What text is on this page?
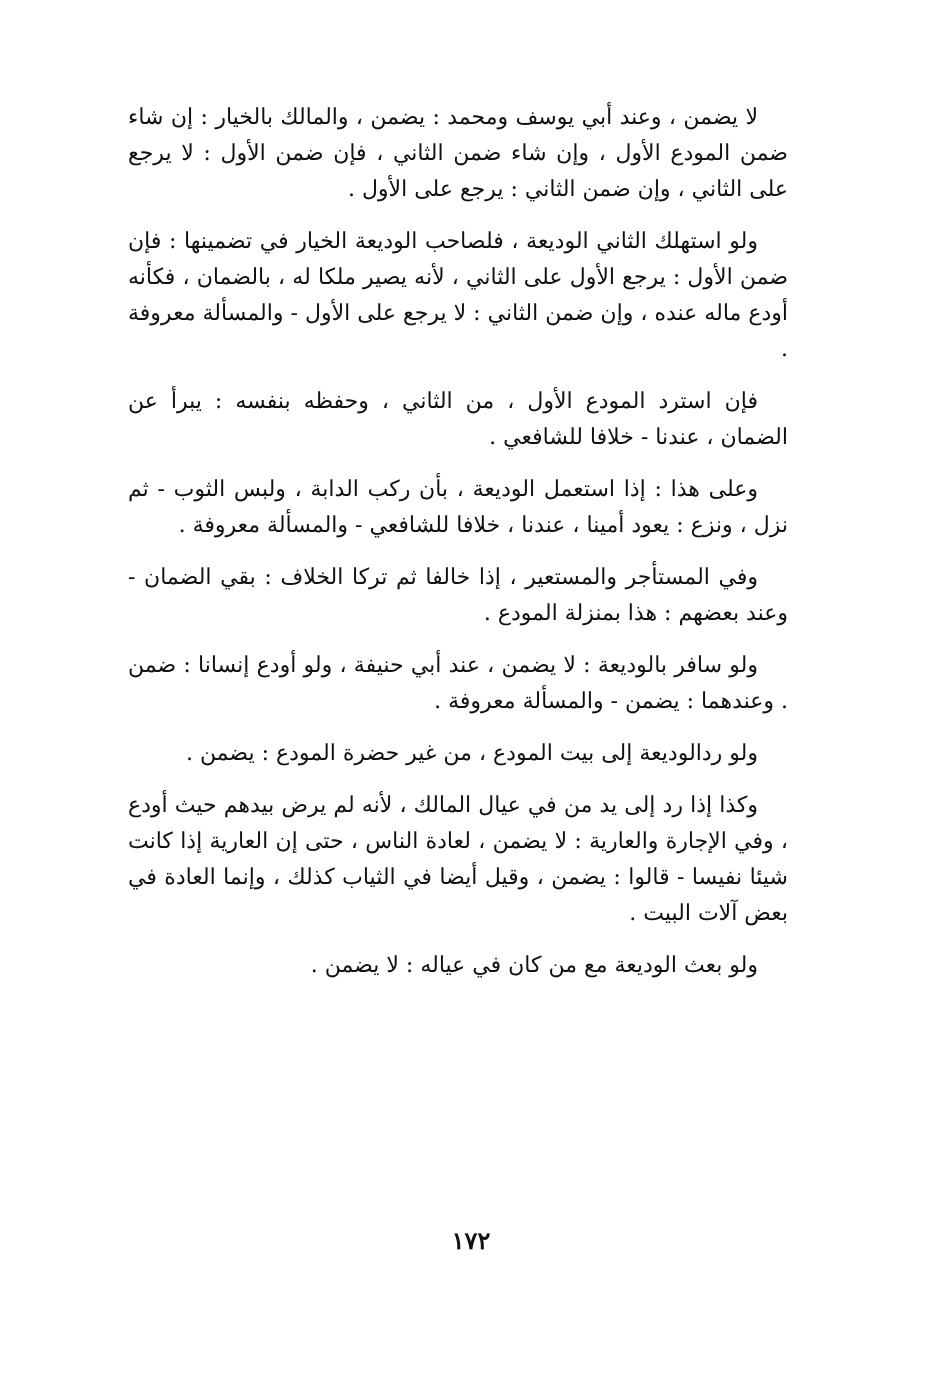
لا يضمن ، وعند أبي يوسف ومحمد : يضمن ، والمالك بالخيار : إن شاء ضمن المودع الأول ، وإن شاء ضمن الثاني ، فإن ضمن الأول : لا يرجع على الثاني ، وإن ضمن الثاني : يرجع على الأول .

ولو استهلك الثاني الوديعة ، فلصاحب الوديعة الخيار في تضمينها : فإن ضمن الأول : يرجع الأول على الثاني ، لأنه يصير ملكا له ، بالضمان ، فكأنه أودع ماله عنده ، وإن ضمن الثاني : لا يرجع على الأول - والمسألة معروفة .

فإن استرد المودع الأول ، من الثاني ، وحفظه بنفسه : يبرأ عن الضمان ، عندنا - خلافا للشافعي .

وعلى هذا : إذا استعمل الوديعة ، بأن ركب الدابة ، ولبس الثوب - ثم نزل ، ونزع : يعود أمينا ، عندنا ، خلافا للشافعي - والمسألة معروفة .

وفي المستأجر والمستعير ، إذا خالفا ثم تركا الخلاف : بقي الضمان - وعند بعضهم : هذا بمنزلة المودع .

ولو سافر بالوديعة : لا يضمن ، عند أبي حنيفة ، ولو أودع إنسانا : ضمن . وعندهما : يضمن - والمسألة معروفة .

ولو ردالوديعة إلى بيت المودع ، من غير حضرة المودع : يضمن .

وكذا إذا رد إلى يد من في عيال المالك ، لأنه لم يرض بيدهم حيث أودع ، وفي الإجارة والعارية : لا يضمن ، لعادة الناس ، حتى إن العارية إذا كانت شيئا نفيسا - قالوا : يضمن ، وقيل أيضا في الثياب كذلك ، وإنما العادة في بعض آلات البيت .

ولو بعث الوديعة مع من كان في عياله : لا يضمن .

١٧٢
